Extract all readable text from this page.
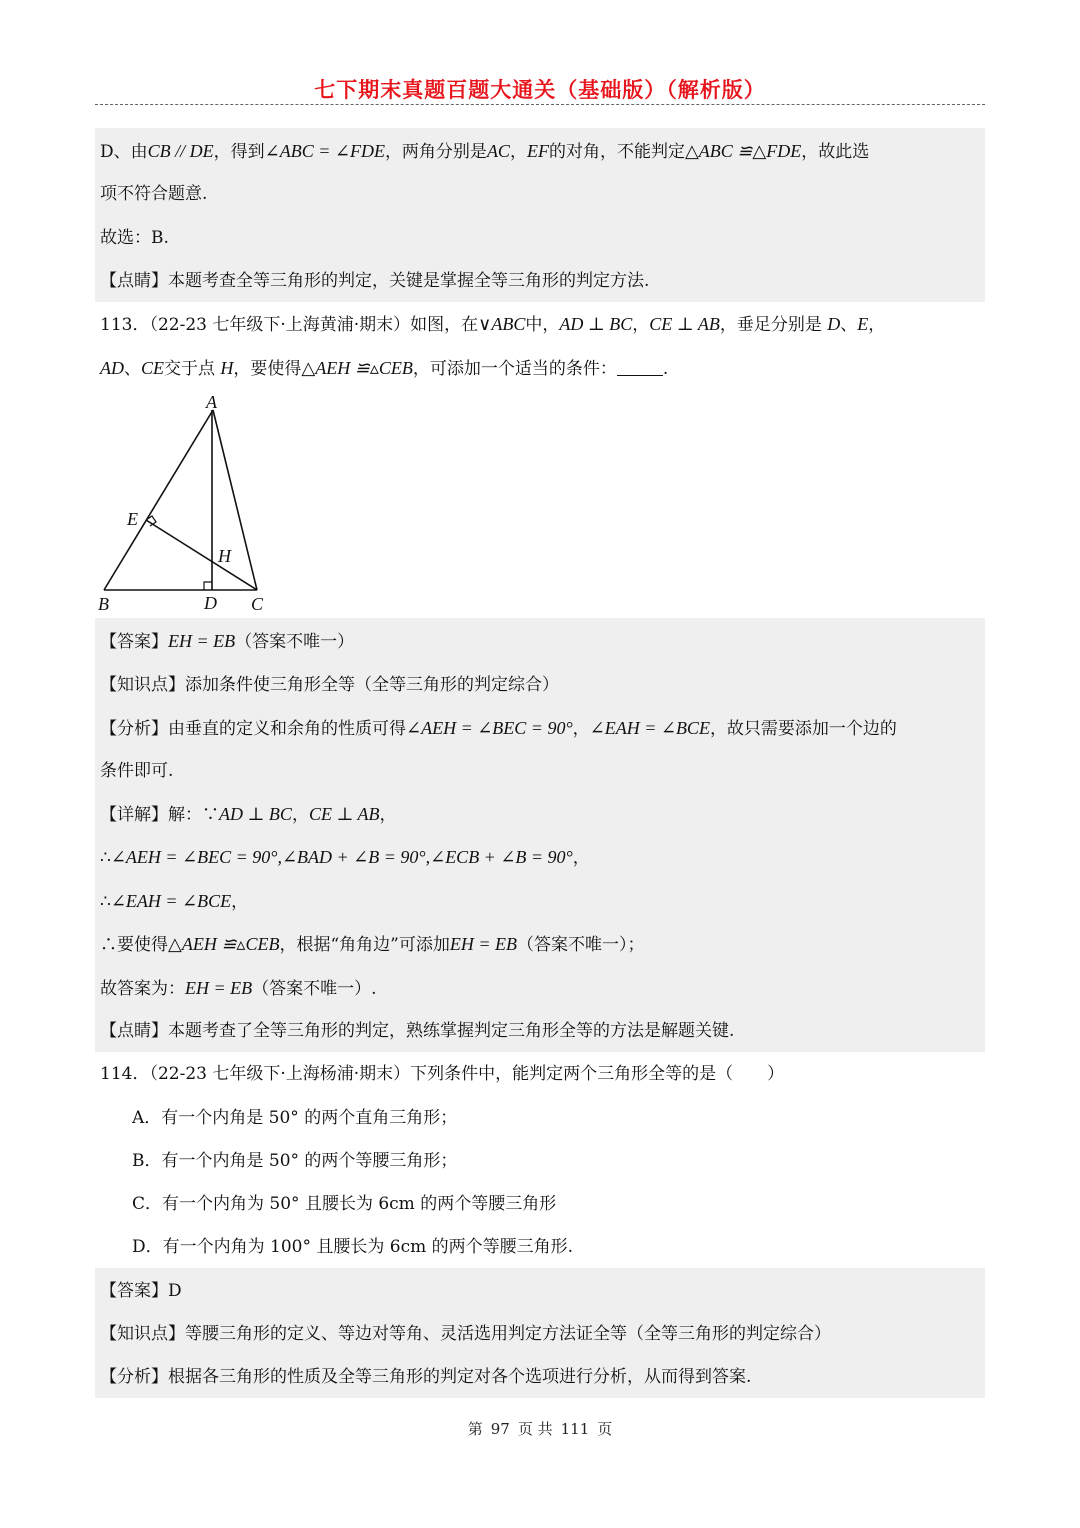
七下期末真题百题大通关（基础版）（解析版）
D、由CB // DE，得到∠ABC = ∠FDE，两角分别是AC，EF的对角，不能判定△ABC ≌△FDE，故此选
项不符合题意.
故选：B.
【点睛】本题考查全等三角形的判定，关键是掌握全等三角形的判定方法.
113．（22-23 七年级下·上海黄浦·期末）如图，在∨ABC中，AD ⊥ BC，CE ⊥ AB，垂足分别是 D、E，
AD、CE交于点 H，要使得△AEH ≌▵CEB，可添加一个适当的条件：	.
A
B	C
D
E
H
【答案】EH = EB（答案不唯一）
【知识点】添加条件使三角形全等（全等三角形的判定综合）
【分析】由垂直的定义和余角的性质可得∠AEH = ∠BEC = 90°，∠EAH = ∠BCE，故只需要添加一个边的
条件即可.
【详解】解：∵AD ⊥ BC，CE ⊥ AB，
∴∠AEH = ∠BEC = 90°,∠BAD + ∠B = 90°,∠ECB + ∠B = 90°，
∴∠EAH = ∠BCE，
∴要使得△AEH ≌▵CEB，根据“角角边”可添加EH = EB（答案不唯一）；
故答案为：EH = EB（答案不唯一）.
【点睛】本题考查了全等三角形的判定，熟练掌握判定三角形全等的方法是解题关键.
114．（22-23 七年级下·上海杨浦·期末）下列条件中，能判定两个三角形全等的是（　　）
A．有一个内角是 50° 的两个直角三角形；
B．有一个内角是 50° 的两个等腰三角形；
C．有一个内角为 50° 且腰长为 6cm 的两个等腰三角形
D．有一个内角为 100° 且腰长为 6cm 的两个等腰三角形.
【答案】D
【知识点】等腰三角形的定义、等边对等角、灵活选用判定方法证全等（全等三角形的判定综合）
【分析】根据各三角形的性质及全等三角形的判定对各个选项进行分析，从而得到答案.
第 97 页 共 111 页
